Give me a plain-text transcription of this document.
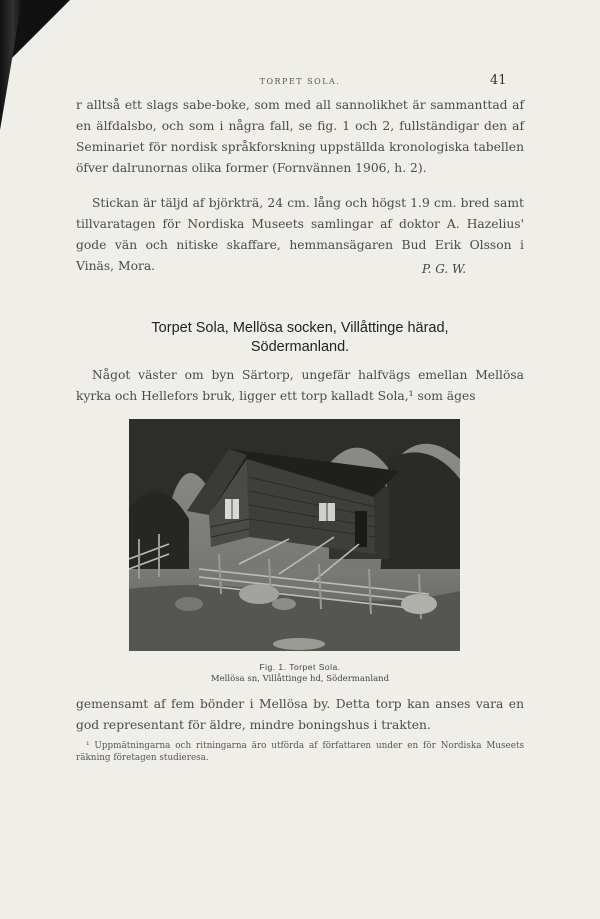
TORPET SOLA.	41

r alltså ett slags sabe-boke, som med all sannolikhet är sammanttad af en älfdalsbo, och som i några fall, se fig. 1 och 2, fullständigar den af Seminariet för nordisk språkforskning uppställda kronologiska tabellen öfver dalrunornas olika former (Fornvännen 1906, h. 2).

Stickan är täljd af björkträ, 24 cm. lång och högst 1.9 cm. bred samt tillvaratagen för Nordiska Museets samlingar af doktor A. Hazelius' gode vän och nitiske skaffare, hemmansägaren Bud Erik Olsson i Vinäs, Mora.	P. G. W.
Torpet Sola, Mellösa socken, Villåttinge härad,
Södermanland.

Något väster om byn Särtorp, ungefär halfvägs emellan Mellösa kyrka och Hellefors bruk, ligger ett torp kalladt Sola,¹ som äges

Fig. 1. Torpet Sola.
Mellösa sn, Villåttinge hd, Södermanland

gemensamt af fem bönder i Mellösa by. Detta torp kan anses vara en god representant för äldre, mindre boningshus i trakten.

¹ Uppmätningarna och ritningarna äro utförda af författaren under en för Nordiska Museets räkning företagen studieresa.
